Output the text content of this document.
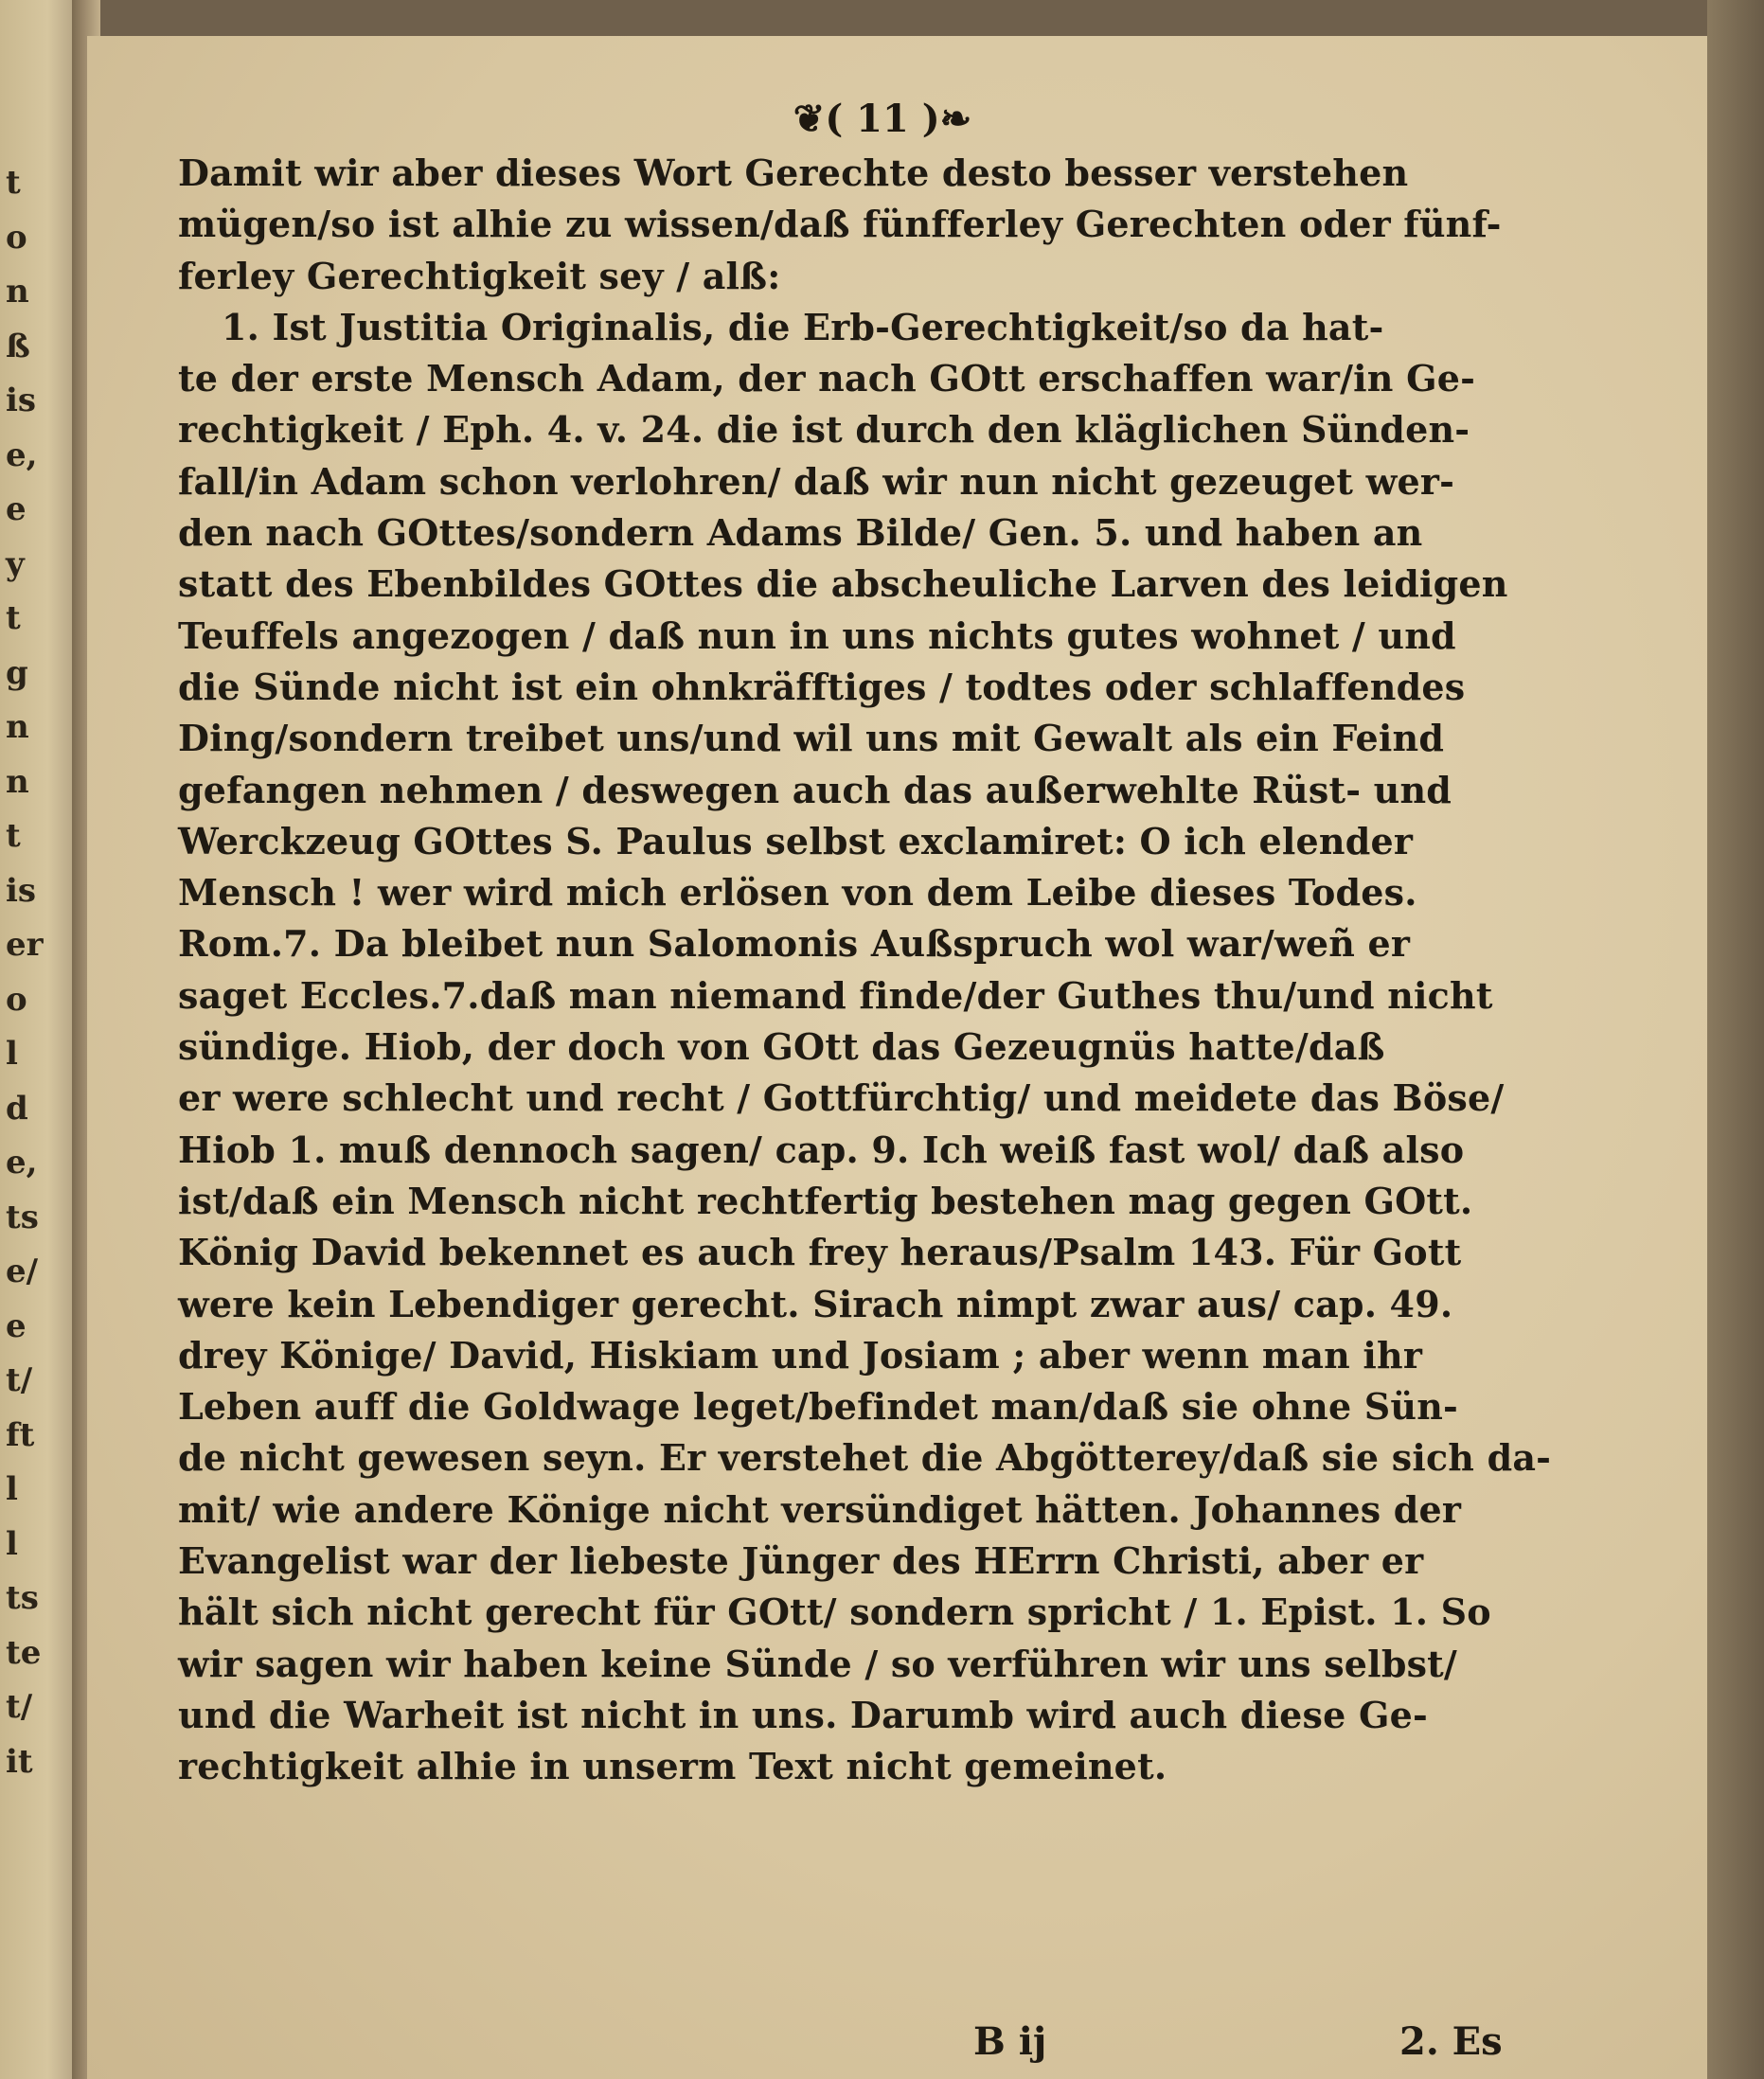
t
o
n
ß
is
e,
e
y
t
g
n
n
t
is
er
o
l
d
e,
ts
e/
e
t/
ft
l
l
ts
te
t/
it
❦( 11 )❧
Damit wir aber dieses Wort Gerechte desto besser verstehen
mügen/so ist alhie zu wissen/daß fünfferley Gerechten oder fünf-
ferley Gerechtigkeit sey / alß:
1. Ist Justitia Originalis, die Erb-Gerechtigkeit/so da hat-
te der erste Mensch Adam, der nach GOtt erschaffen war/in Ge-
rechtigkeit / Eph. 4. v. 24. die ist durch den kläglichen Sünden-
fall/in Adam schon verlohren/ daß wir nun nicht gezeuget wer-
den nach GOttes/sondern Adams Bilde/ Gen. 5. und haben an
statt des Ebenbildes GOttes die abscheuliche Larven des leidigen
Teuffels angezogen / daß nun in uns nichts gutes wohnet / und
die Sünde nicht ist ein ohnkräfftiges / todtes oder schlaffendes
Ding/sondern treibet uns/und wil uns mit Gewalt als ein Feind
gefangen nehmen / deswegen auch das außerwehlte Rüst- und
Werckzeug GOttes S. Paulus selbst exclamiret: O ich elender
Mensch ! wer wird mich erlösen von dem Leibe dieses Todes.
Rom.7. Da bleibet nun Salomonis Außspruch wol war/weñ er
saget Eccles.7.daß man niemand finde/der Guthes thu/und nicht
sündige. Hiob, der doch von GOtt das Gezeugnüs hatte/daß
er were schlecht und recht / Gottfürchtig/ und meidete das Böse/
Hiob 1. muß dennoch sagen/ cap. 9. Ich weiß fast wol/ daß also
ist/daß ein Mensch nicht rechtfertig bestehen mag gegen GOtt.
König David bekennet es auch frey heraus/Psalm 143. Für Gott
were kein Lebendiger gerecht. Sirach nimpt zwar aus/ cap. 49.
drey Könige/ David, Hiskiam und Josiam ; aber wenn man ihr
Leben auff die Goldwage leget/befindet man/daß sie ohne Sün-
de nicht gewesen seyn. Er verstehet die Abgötterey/daß sie sich da-
mit/ wie andere Könige nicht versündiget hätten. Johannes der
Evangelist war der liebeste Jünger des HErrn Christi, aber er
hält sich nicht gerecht für GOtt/ sondern spricht / 1. Epist. 1. So
wir sagen wir haben keine Sünde / so verführen wir uns selbst/
und die Warheit ist nicht in uns. Darumb wird auch diese Ge-
rechtigkeit alhie in unserm Text nicht gemeinet.
B ij	2. Es
